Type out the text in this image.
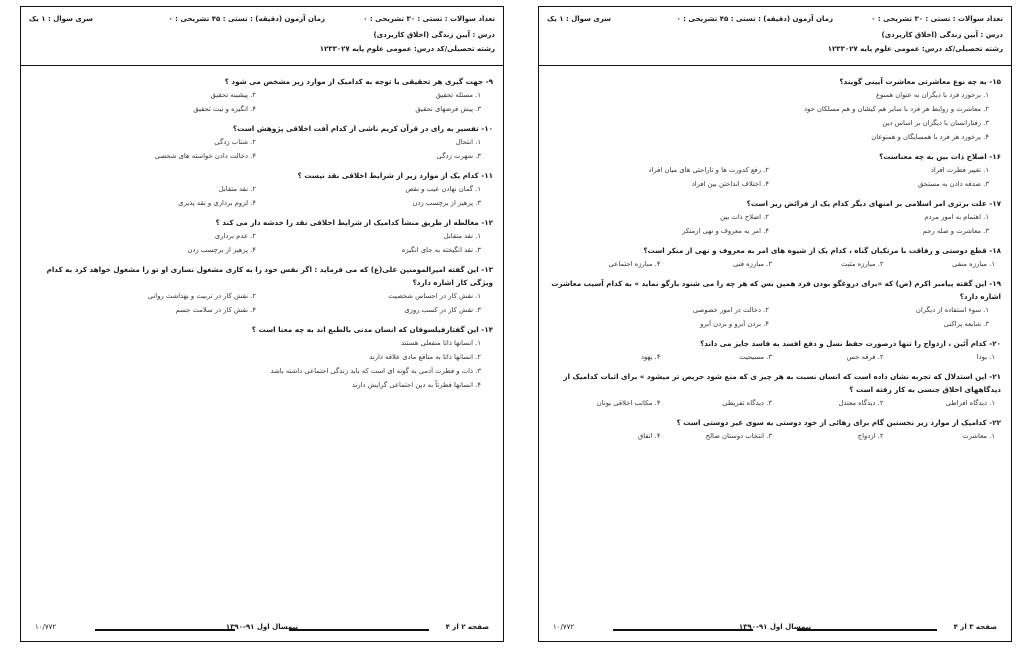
تعداد سوالات : تستی : ۳۰ تشریحی : ۰
زمان آزمون (دقیقه) : تستی : ۴۵ تشریحی : ۰
سری سوال : ۱ یک
درس : آیین زندگی (اخلاق کاربردی)
رشته تحصیلی/کد درس: عمومی علوم پایه ۱۲۳۳۰۲۷
۹- جهت گیری هر تحقیقی با توجه به کدامیک از موارد زیر مشخص می شود ؟
۱. مسئله تحقیق
۲. پیشینه تحقیق
۳. پیش فرضهای تحقیق
۴. انگیزه و نیت تحقیق
۱۰- تفسیر به رای در قرآن کریم ناشی از کدام آفت اخلاقی پژوهش است؟
۱. انتحال
۲. شتاب زدگی
۳. شهرت زدگی
۴. دخالت دادن خواسته های شخصی
۱۱- کدام یک از موارد زیر از شرایط اخلاقی نقد نیست ؟
۱. گمان نهادن عیب و نقص
۲. نقد متقابل
۳. پرهیز از برچسب زدن
۴. لزوم برداری و نقد پذیری
۱۲- مغالطه از طریق منشأ کدامیک از شرایط اخلاقی نقد را خدشه دار می کند ؟
۱. نقد متقابل
۲. عدم برداری
۳. نقد انگیخته به جای انگیزه
۴. پرهیز از برچسب زدن
۱۳- این گفته امیرالمومنین علی(ع) که می فرماید : اگر نفس خود را به کاری مشغول نسازی او تو را مشغول خواهد کرد به کدام ویژگی کار اشاره دارد؟
۱. نقش کار در احساس شخصیت
۲. نقش کار در تربیت و بهداشت روانی
۳. نقش کار در کسب روزی
۴. نقش کار در سلامت جسم
۱۴- این گفتارفیلسوفان که انسان مدنی بالطبع اند به چه معنا است ؟
۱. انسانها ذاتا منفعلی هستند
۲. انسانها ذاتا به منافع مادی علاقه دارند
۳. ذات و فطرت آدمی به گونه ای است که باید زندگی اجتماعی داشته باشد
۴. انسانها فطرتاً به دین اجتماعی گرایش دارند
صفحه ۲ از ۴
نیمسال اول ۹۱-۱۳۹۰
۱۰/۷۷۲
تعداد سوالات : تستی : ۳۰ تشریحی : ۰
زمان آزمون (دقیقه) : تستی : ۴۵ تشریحی : ۰
سری سوال : ۱ یک
درس : آیین زندگی (اخلاق کاربردی)
رشته تحصیلی/کد درس: عمومی علوم پایه ۱۲۳۳۰۲۷
۱۵- به چه نوع معاشرتی معاشرت آیینی گویند؟
۱. برخورد فرد با دیگران به عنوان همنوع
۲. معاشرت و روابط هر فرد با سایر هم کیشان و هم مسلکان خود
۳. رفتارانسان با دیگران بر اساس دین
۴. برخورد هر فرد با همسایگان و همنوعان
۱۶- اصلاح ذات بین به چه معناست؟
۱. تغییر فطرت افراد
۲. رفع کدورت ها و ناراحتی های میان افراد
۳. صدقه دادن به مستحق
۴. اختلاف انداختن بین افراد
۱۷- علت برتری امر اسلامی بر امنهای دیگر کدام یک از فرائض زیر است؟
۱. اهتمام به امور مردم
۲. اصلاح ذات بین
۳. معاشرت و صله رحم
۴. امر به معروف و نهی ازمنکر
۱۸- قطع دوستی و رفاقت با مرتکبان گناه ، کدام یک از شیوه های امر به معروف و نهی از منکر است؟
۱. مبارزه منفی
۲. مبارزه مثبت
۳. مبارزه فنی
۴. مبارزه اجتماعی
۱۹- این گفته پیامبر اکرم (ص) که «برای دروغگو بودن فرد همین بس که هر چه را می شنود بازگو نماید » به کدام آسیب معاشرت اشاره دارد؟
۱. سوء استفاده از دیگران
۲. دخالت در امور خصوصی
۳. شایعه پراکنی
۴. بردن آبرو و بردن آبرو
۲۰- کدام آئین ، ازدواج را تنها درصورت حفظ نسل و دفع افسد به فاسد جایز می داند؟
۱. بودا
۲. فرقه حس
۳. مسیحیت
۴. یهود
۲۱- این استدلال که تجربه نشان داده است که انسان نسبت به هر چیز ی که منع شود حریص تر میشود » برای اثبات کدامیک از دیدگاههای اخلاق جنسی به کار رفته است ؟
۱. دیدگاه افراطی
۲. دیدگاه معتدل
۳. دیدگاه تفریطی
۴. مکاتب اخلاقی یونان
۲۲- کدامیک از موارد زیر نخستین گام برای رهائی از خود دوستی به سوی غیر دوستی است ؟
۱. معاشرت
۲. ازدواج
۳. انتخاب دوستان صالح
۴. انفاق
صفحه ۳ از ۴
نیمسال اول ۹۱-۱۳۹۰
۱۰/۷۷۲
